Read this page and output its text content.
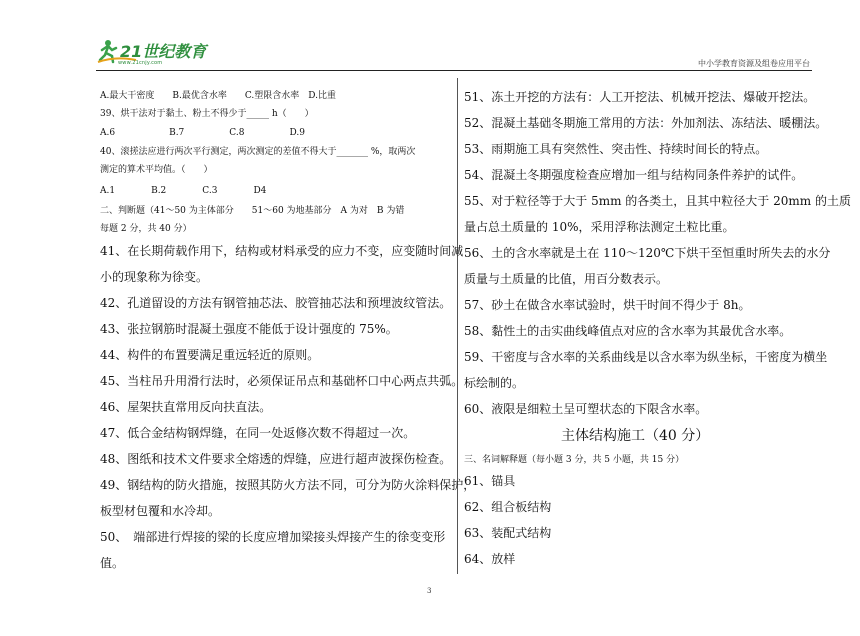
21世纪教育
www.21cnjy.com	中小学教育资源及组卷应用平台
A.最大干密度　　B.最优含水率　　C.塑限含水率　D.比重
39、烘干法对于黏土、粉土不得少于_____ h（　　）
A.6　　　　　　B.7　　　　　C.8　　　　　D.9
40、滚搓法应进行两次平行测定，两次测定的差值不得大于_______ %，取两次
测定的算术平均值。（　　）
A.1　　　　B.2　　　　C.3　　　　D4
二、判断题（41～50 为主体部分　　51～60 为地基部分　A 为对　B 为错
每题 2 分，共 40 分）
41、在长期荷载作用下，结构或材料承受的应力不变，应变随时间减
小的现象称为徐变。
42、孔道留设的方法有钢管抽芯法、胶管抽芯法和预埋波纹管法。
43、张拉钢筋时混凝土强度不能低于设计强度的 75%。
44、构件的布置要满足重远轻近的原则。
45、当柱吊升用滑行法时，必须保证吊点和基础杯口中心两点共弧。
46、屋架扶直常用反向扶直法。
47、低合金结构钢焊缝，在同一处返修次数不得超过一次。
48、图纸和技术文件要求全熔透的焊缝，应进行超声波探伤检查。
49、钢结构的防火措施，按照其防火方法不同，可分为防火涂料保护，
板型材包覆和水冷却。
50、　端部进行焊接的梁的长度应增加梁接头焊接产生的徐变变形
值。
51、冻土开挖的方法有：人工开挖法、机械开挖法、爆破开挖法。
52、混凝土基础冬期施工常用的方法：外加剂法、冻结法、暖棚法。
53、雨期施工具有突然性、突击性、持续时间长的特点。
54、混凝土冬期强度检查应增加一组与结构同条件养护的试件。
55、对于粒径等于大于 5mm 的各类土，且其中粒径大于 20mm 的土质
量占总土质量的 10%，采用浮称法测定土粒比重。
56、土的含水率就是土在 110～120℃下烘干至恒重时所失去的水分
质量与土质量的比值，用百分数表示。
57、砂土在做含水率试验时，烘干时间不得少于 8h。
58、黏性土的击实曲线峰值点对应的含水率为其最优含水率。
59、干密度与含水率的关系曲线是以含水率为纵坐标，干密度为横坐
标绘制的。
60、液限是细粒土呈可塑状态的下限含水率。
主体结构施工（40 分）
三、名词解释题（每小题 3 分，共 5 小题，共 15 分）
61、锚具
62、组合板结构
63、装配式结构
64、放样
3
